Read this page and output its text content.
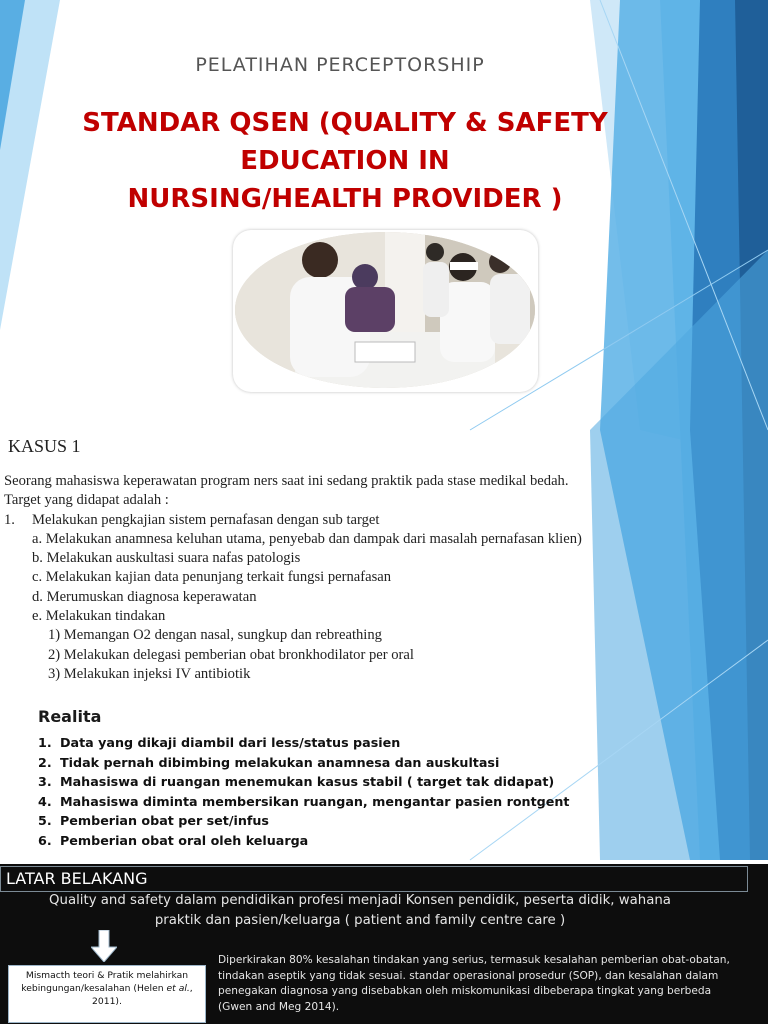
PELATIHAN PERCEPTORSHIP
STANDAR QSEN (QUALITY & SAFETY
EDUCATION IN
NURSING/HEALTH PROVIDER )
KASUS 1
Seorang mahasiswa keperawatan program ners saat ini sedang praktik pada stase medikal bedah.
Target yang didapat adalah :
1. Melakukan pengkajian sistem pernafasan dengan sub target
a. Melakukan anamnesa keluhan utama, penyebab dan dampak dari masalah pernafasan klien)
b. Melakukan auskultasi suara nafas patologis
c. Melakukan kajian data penunjang terkait fungsi pernafasan
d. Merumuskan diagnosa keperawatan
e. Melakukan tindakan
1) Memangan O2 dengan nasal, sungkup dan rebreathing
2) Melakukan delegasi pemberian obat bronkhodilator per oral
3) Melakukan injeksi IV antibiotik
Realita
1. Data yang dikaji diambil dari less/status pasien
2. Tidak pernah dibimbing melakukan anamnesa dan auskultasi
3. Mahasiswa di ruangan menemukan kasus stabil ( target tak didapat)
4. Mahasiswa diminta membersikan ruangan, mengantar pasien rontgent
5. Pemberian obat per set/infus
6. Pemberian obat oral oleh keluarga
LATAR BELAKANG
Quality and safety dalam pendidikan profesi menjadi Konsen pendidik, peserta didik, wahana
praktik dan pasien/keluarga ( patient and family centre care )
Mismacth teori & Pratik melahirkan kebingungan/kesalahan (Helen et al., 2011).
Diperkirakan 80% kesalahan tindakan yang serius, termasuk kesalahan pemberian obat-obatan, tindakan aseptik yang tidak sesuai. standar operasional prosedur (SOP), dan kesalahan dalam penegakan diagnosa yang disebabkan oleh miskomunikasi dibeberapa tingkat yang berbeda (Gwen and Meg 2014).
